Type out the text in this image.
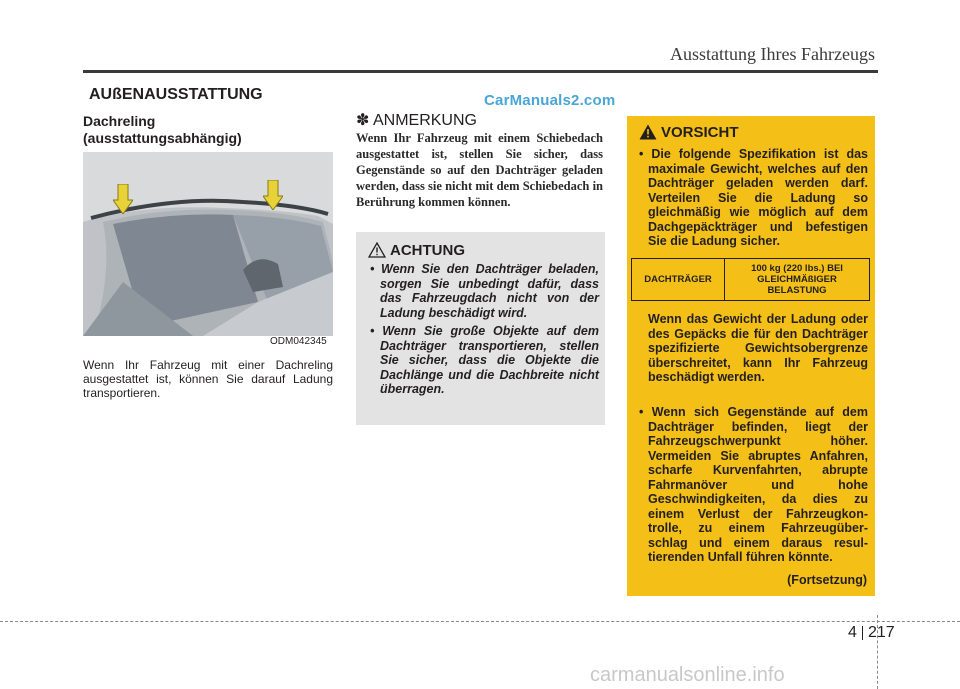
Ausstattung Ihres Fahrzeugs
AUßENAUSSTATTUNG	CarManuals2.com
Dachreling (ausstattungsabhängig)
ODM042345
Wenn Ihr Fahrzeug mit einer Dachreling ausgestattet ist, können Sie darauf Ladung transportieren.
✽ ANMERKUNG
Wenn Ihr Fahrzeug mit einem Schiebedach ausgestattet ist, stellen Sie sicher, dass Gegenstände so auf den Dachträger geladen werden, dass sie nicht mit dem Schiebedach in Berührung kommen können.
ACHTUNG
• Wenn Sie den Dachträger beladen, sorgen Sie unbedingt dafür, dass das Fahrzeugdach nicht von der Ladung beschädigt wird.
• Wenn Sie große Objekte auf dem Dachträger transportieren, stellen Sie sicher, dass die Objekte die Dachlänge und die Dachbreite nicht überragen.
VORSICHT
• Die folgende Spezifikation ist das maximale Gewicht, welches auf den Dachträger geladen werden darf. Verteilen Sie die Ladung so gleichmäßig wie möglich auf dem Dachgepäckträger und befestigen Sie die Ladung sicher.
DACHTRÄGER	100 kg (220 lbs.) BEI GLEICHMÄßIGER BELASTUNG
Wenn das Gewicht der Ladung oder des Gepäcks die für den Dachträger spezifizierte Gewichtsobergrenze überschreitet, kann Ihr Fahrzeug beschädigt werden.
• Wenn sich Gegenstände auf dem Dachträger befinden, liegt der Fahrzeugschwerpunkt höher. Vermeiden Sie abruptes Anfahren, scharfe Kurvenfahrten, abrupte Fahrmanöver und hohe Geschwindigkeiten, da dies zu einem Verlust der Fahrzeugkon-trolle, zu einem Fahrzeugüber-schlag und einem daraus resul-tierenden Unfall führen könnte.
(Fortsetzung)
4 217
carmanualsonline.info
